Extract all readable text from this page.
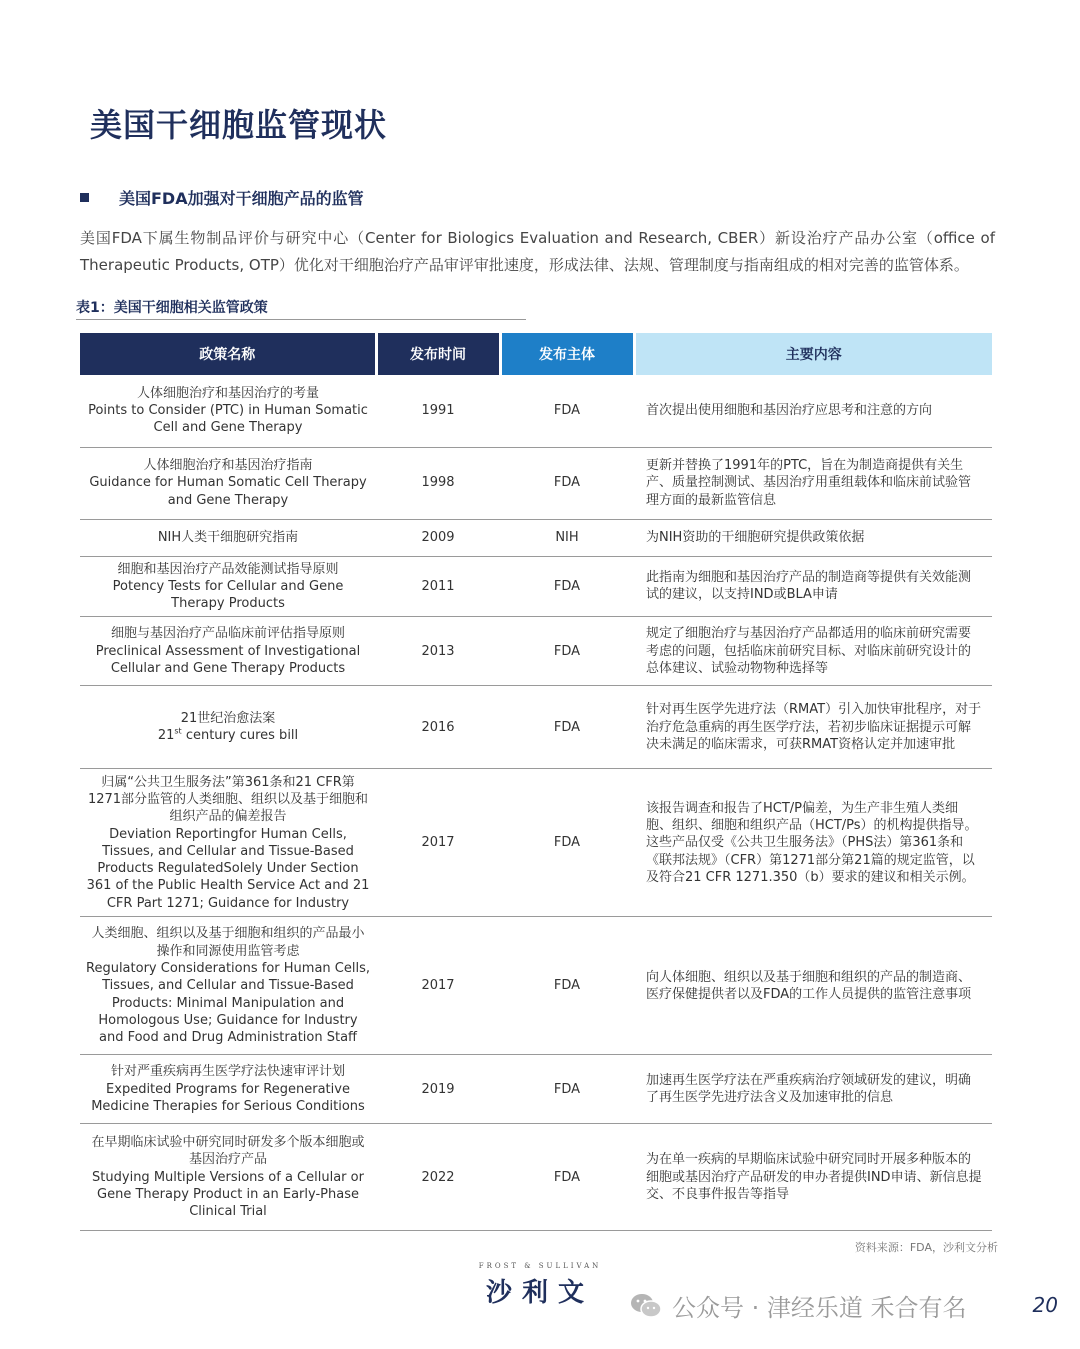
美国干细胞监管现状
美国FDA加强对干细胞产品的监管
美国FDA下属生物制品评价与研究中心（Center for Biologics Evaluation and Research, CBER）新设治疗产品办公室（office of Therapeutic Products, OTP）优化对干细胞治疗产品审评审批速度，形成法律、法规、管理制度与指南组成的相对完善的监管体系。
表1：美国干细胞相关监管政策
政策名称	发布时间	发布主体	主要内容

人体细胞治疗和基因治疗的考量
Points to Consider (PTC) in Human Somatic Cell and Gene Therapy	1991	FDA	首次提出使用细胞和基因治疗应思考和注意的方向

人体细胞治疗和基因治疗指南
Guidance for Human Somatic Cell Therapy and Gene Therapy	1998	FDA	更新并替换了1991年的PTC，旨在为制造商提供有关生产、质量控制测试、基因治疗用重组载体和临床前试验管理方面的最新监管信息

NIH人类干细胞研究指南	2009	NIH	为NIH资助的干细胞研究提供政策依据

细胞和基因治疗产品效能测试指导原则
Potency Tests for Cellular and Gene Therapy Products	2011	FDA	此指南为细胞和基因治疗产品的制造商等提供有关效能测试的建议，以支持IND或BLA申请

细胞与基因治疗产品临床前评估指导原则
Preclinical Assessment of Investigational Cellular and Gene Therapy Products	2013	FDA	规定了细胞治疗与基因治疗产品都适用的临床前研究需要考虑的问题，包括临床前研究目标、对临床前研究设计的总体建议、试验动物物种选择等

21世纪治愈法案
21st century cures bill	2016	FDA	针对再生医学先进疗法（RMAT）引入加快审批程序，对于治疗危急重病的再生医学疗法，若初步临床证据提示可解决未满足的临床需求，可获RMAT资格认定并加速审批

归属“公共卫生服务法”第361条和21 CFR第1271部分监管的人类细胞、组织以及基于细胞和组织产品的偏差报告
Deviation Reportingfor Human Cells, Tissues, and Cellular and Tissue-Based Products RegulatedSolely Under Section 361 of the Public Health Service Act and 21 CFR Part 1271; Guidance for Industry	2017	FDA	该报告调查和报告了HCT/P偏差，为生产非生殖人类细胞、组织、细胞和组织产品（HCT/Ps）的机构提供指导。这些产品仅受《公共卫生服务法》（PHS法）第361条和《联邦法规》（CFR）第1271部分第21篇的规定监管，以及符合21 CFR 1271.350（b）要求的建议和相关示例。

人类细胞、组织以及基于细胞和组织的产品最小操作和同源使用监管考虑
Regulatory Considerations for Human Cells, Tissues, and Cellular and Tissue-Based Products: Minimal Manipulation and Homologous Use; Guidance for Industry and Food and Drug Administration Staff	2017	FDA	向人体细胞、组织以及基于细胞和组织的产品的制造商、医疗保健提供者以及FDA的工作人员提供的监管注意事项

针对严重疾病再生医学疗法快速审评计划
Expedited Programs for Regenerative Medicine Therapies for Serious Conditions	2019	FDA	加速再生医学疗法在严重疾病治疗领域研发的建议，明确了再生医学先进疗法含义及加速审批的信息

在早期临床试验中研究同时研发多个版本细胞或基因治疗产品
Studying Multiple Versions of a Cellular or Gene Therapy Product in an Early-Phase Clinical Trial	2022	FDA	为在单一疾病的早期临床试验中研究同时开展多种版本的细胞或基因治疗产品研发的申办者提供IND申请、新信息提交、不良事件报告等指导
资料来源：FDA，沙利文分析
FROST & SULLIVAN
沙利文	公众号 · 津经乐道 禾合有名	20
